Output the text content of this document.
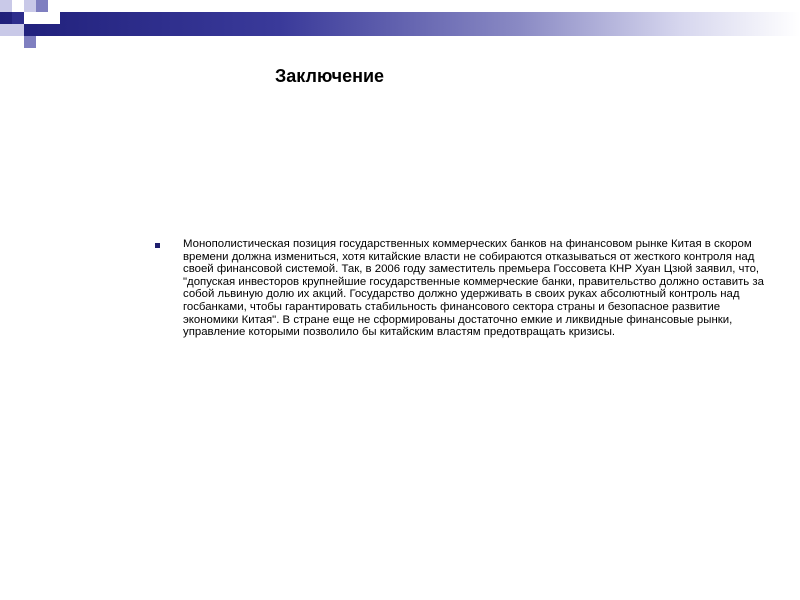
Заключение
Монополистическая позиция государственных коммерческих банков на финансовом рынке Китая в скором времени должна измениться, хотя китайские власти не собираются отказываться от жесткого контроля над своей финансовой системой. Так, в 2006 году заместитель премьера Госсовета КНР Хуан Цзюй заявил, что, "допуская инвесторов крупнейшие государственные коммерческие банки, правительство должно оставить за собой львиную долю их акций. Государство должно удерживать в своих руках абсолютный контроль над госбанками, чтобы гарантировать стабильность финансового сектора страны и безопасное развитие экономики Китая". В стране еще не сформированы достаточно емкие и ликвидные финансовые рынки, управление которыми позволило бы китайским властям предотвращать кризисы.
